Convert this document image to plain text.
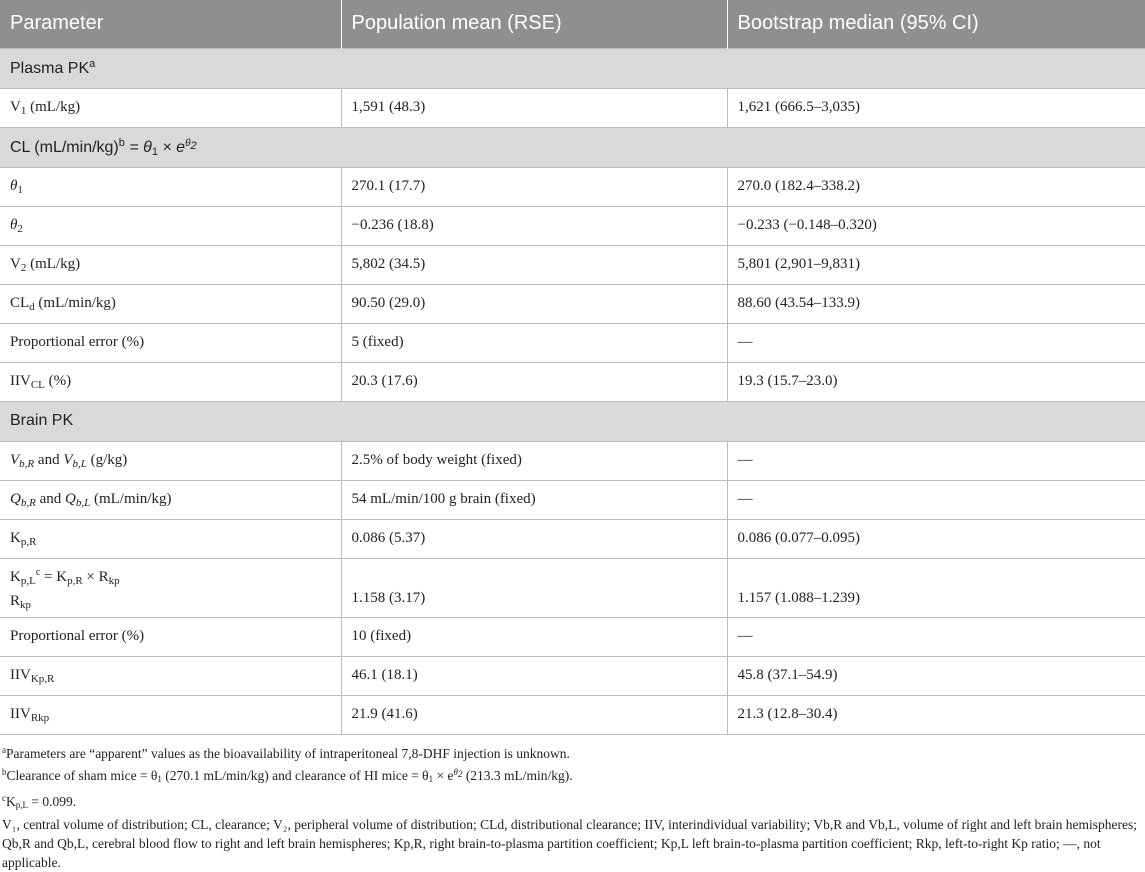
Parameter	Population mean (RSE)	Bootstrap median (95% CI)
Plasma $PK^a$
$V_1$ (mL/kg)	1,591 (48.3)	1,621 (666.5–3,035)
CL $(mL/\min/kg)^b = \theta_1 \times e^{\theta_2}$
$\theta_1$	270.1 (17.7)	270.0 (182.4–338.2)
$\theta_2$	−0.236 (18.8)	−0.233 (−0.148–0.320)
$V_2$ (mL/kg)	5,802 (34.5)	5,801 (2,901–9,831)
$CL_d$ (mL/min/kg)	90.50 (29.0)	88.60 (43.54–133.9)
Proportional error (%)	5 (fixed)	—
$IIV_{CL}$ (%)	20.3 (17.6)	19.3 (15.7–23.0)
Brain PK		
$V_{b,R}$ and $V_{b,L}$ (g/kg)	2.5% of body weight (fixed)	—
$Q_{b,R}$ and $Q_{b,L}$ (mL/min/kg)	54 mL/min/100 g brain (fixed)	—
$K_{p,R}$	0.086 (5.37)	0.086 (0.077–0.095)

$K_{p,L}^c = K_{p,R} \times R_{kp}$
$R_{kp}$	1.158 (3.17)	1.157 (1.088–1.239)
Proportional error (%)	10 (fixed)	—
$IIV_{Kp,R}$	46.1 (18.1)	45.8 (37.1–54.9)
$IIV_{Rkp}$	21.9 (41.6)	21.3 (12.8–30.4)

$^a$Parameters are “apparent” values as the bioavailability of intraperitoneal 7,8-DHF injection is unknown.

$^b$Clearance of sham mice = $\theta_1$ (270.1 mL/min/kg) and clearance of HI mice = $\theta_1 \times e^{\theta_2}$ (213.3 mL/min/kg).

$^cK_{p,L} = 0.099$.

V₁, central volume of distribution; CL, clearance; V₂, peripheral volume of distribution; CLd, distributional clearance; IIV, interindividual variability; Vb,R and Vb,L, volume of right and left brain hemispheres; Qb,R and Qb,L, cerebral blood flow to right and left brain hemispheres; Kp,R, right brain-to-plasma partition coefficient; Kp,L left brain-to-plasma partition coefficient; Rkp, left-to-right Kp ratio; —, not applicable.
